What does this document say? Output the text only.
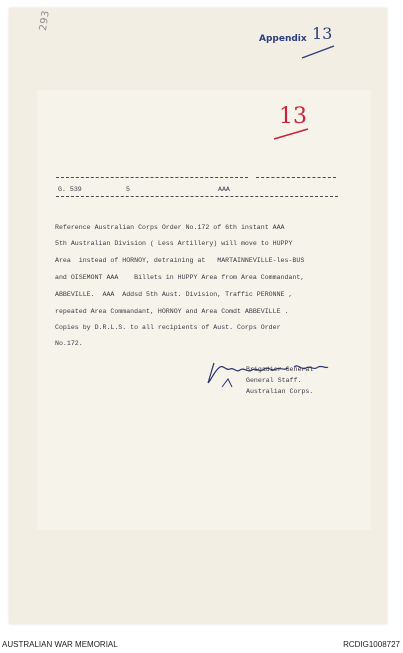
293
Appendix 13
13
G. 539	5	AAA
Reference Australian Corps Order No.172 of 6th instant AAA
5th Australian Division ( Less Artillery) will move to HUPPY
Area  instead of HORNOY, detraining at   MARTAINNEVILLE-les-BUS
and OISEMONT AAA    Billets in HUPPY Area from Area Commandant,
ABBEVILLE.  AAA  Addsd 5th Aust. Division, Traffic PERONNE ,
repeated Area Commandant, HORNOY and Area Comdt ABBEVILLE .
Copies by D.R.L.S. to all recipients of Aust. Corps Order
No.172.
Brigadier-General
General Staff.
Australian Corps.
AUSTRALIAN WAR MEMORIAL	RCDIG1008727
